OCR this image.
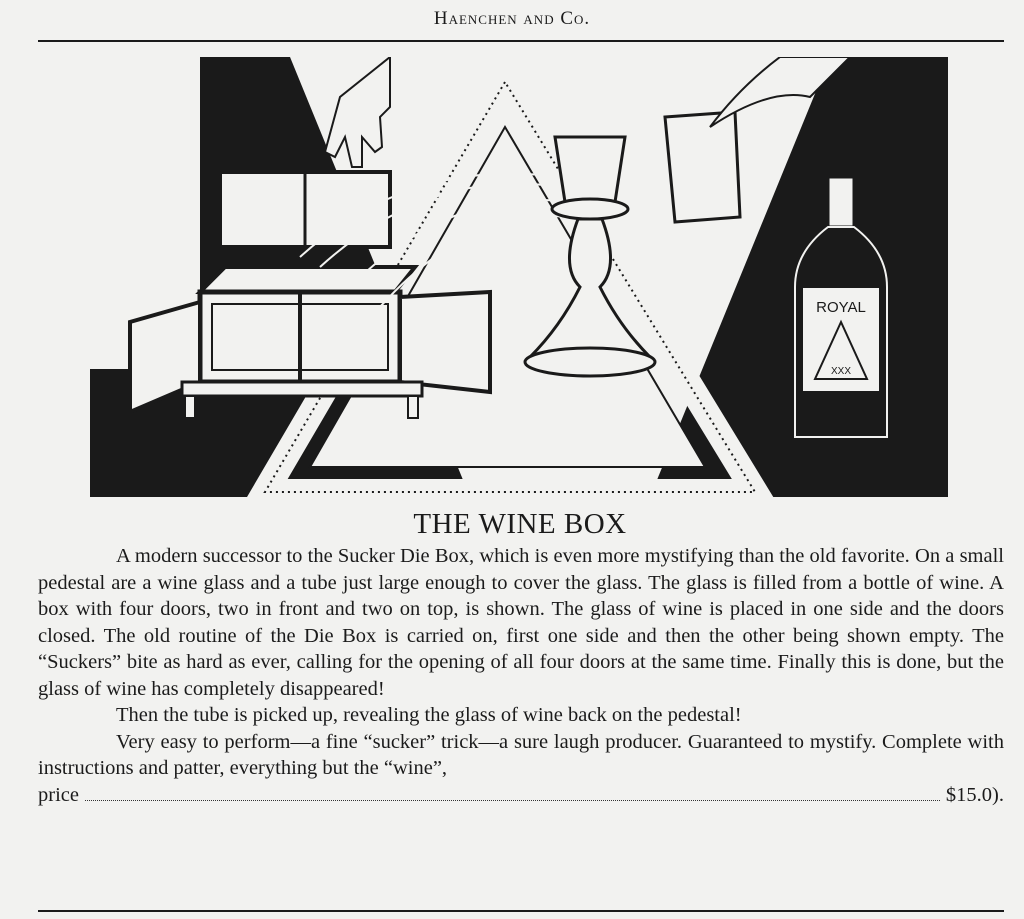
Haenchen and Co.
ROYAL
XXX
THE WINE BOX

A modern successor to the Sucker Die Box, which is even more mystifying than the old favorite. On a small pedestal are a wine glass and a tube just large enough to cover the glass. The glass is filled from a bottle of wine. A box with four doors, two in front and two on top, is shown. The glass of wine is placed in one side and the doors closed. The old routine of the Die Box is carried on, first one side and then the other being shown empty. The “Suckers” bite as hard as ever, calling for the opening of all four doors at the same time. Finally this is done, but the glass of wine has completely disappeared!

Then the tube is picked up, revealing the glass of wine back on the pedestal!

Very easy to perform—a fine “sucker” trick—a sure laugh producer. Guaranteed to mystify. Complete with instructions and patter, everything but the “wine”,

price	$15.0).
